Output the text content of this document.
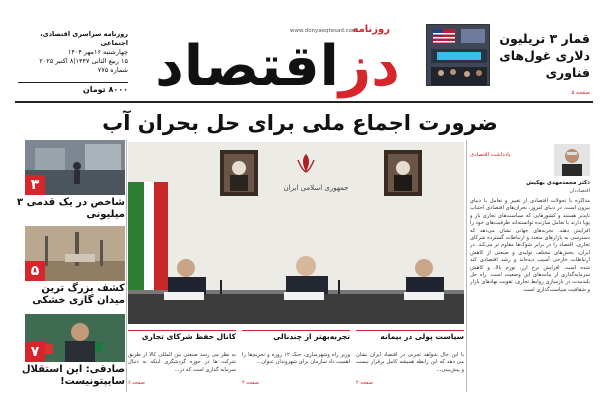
روزنامه سراسری اقتصادی، اجتماعی
چهارشنبه ۱۶مهر ۱۴۰۴
۱۵ ربیع الثانی ۱۴۴۷|۸ اکتبر ۲۰۲۵
شماره ۷۷۵
۸۰۰۰ تومان
روزنامه
www.donyaeqtesad.com
دزاقتصاد	قمار ۳ تریلیون دلاری غول‌های فناوری
صفحه ۵
ضرورت اجماع ملی برای حل بحران آب
۳
شاخص در یک قدمی ۳ میلیونی
۵
کشف بزرگ ترین میدان گازی خشکی
۷
صادقی: این استقلال سایپتونیست!
جمهوری اسلامی ایران
کانال حفظ شرکای تجاری
به نظر می رسد صنعتی بین المللی کالا از طریق شرکت ها در حوزه گردشگری اینکه به دنبال سرمایه گذاری است که در...
صفحه ۶
تجربه‌بهتر از چندنالی
وزیر راه وشهرسازی، جنگ ۱۲ روزه و تحریم‌ها را اهمیت داد سازمان برای شهروندان عنوان...
صفحه ۴
سیاست پولی در بیمانه
با این حال شواهد تجربی در اقتصاد ایران نشان می دهد که این رابطه همیشه کامل برقرار نیست و پیش‌بینی...
صفحه ۴
یادداشت اقتصادی
دکتر محمدمهدی بهکیش
اقتصاددان
مذاکره با تحولات اقتصادی از تغییر و تعامل با دنیای بیرون است. در دنیای امروز، بحران‌های اقتصادی اجتناب ناپذیر هستند و کشورهایی که سیاست‌های تجاری باز و پویا دارند با تعامل سازنده توانسته‌اند ظرفیت‌های خود را افزایش دهند. تجربه‌های جهانی نشان می‌دهد که دسترسی به بازارهای متعدد و ارتباطات گسترده شرکای تجاری، اقتصاد را در برابر شوک‌ها مقاوم تر می‌کند. در ایران، بخش‌های مختلف تولیدی و صنعتی از کاهش ارتباطات خارجی آسیب دیده‌اند و رشد اقتصادی کند شده است. افزایش نرخ ارز، تورم بالا، و کاهش سرمایه‌گذاری از پیامدهای این وضعیت است. راه حل بلندمدت در بازسازی روابط تجاری، تقویت نهادهای بازار و شفافیت سیاست‌گذاری است.
